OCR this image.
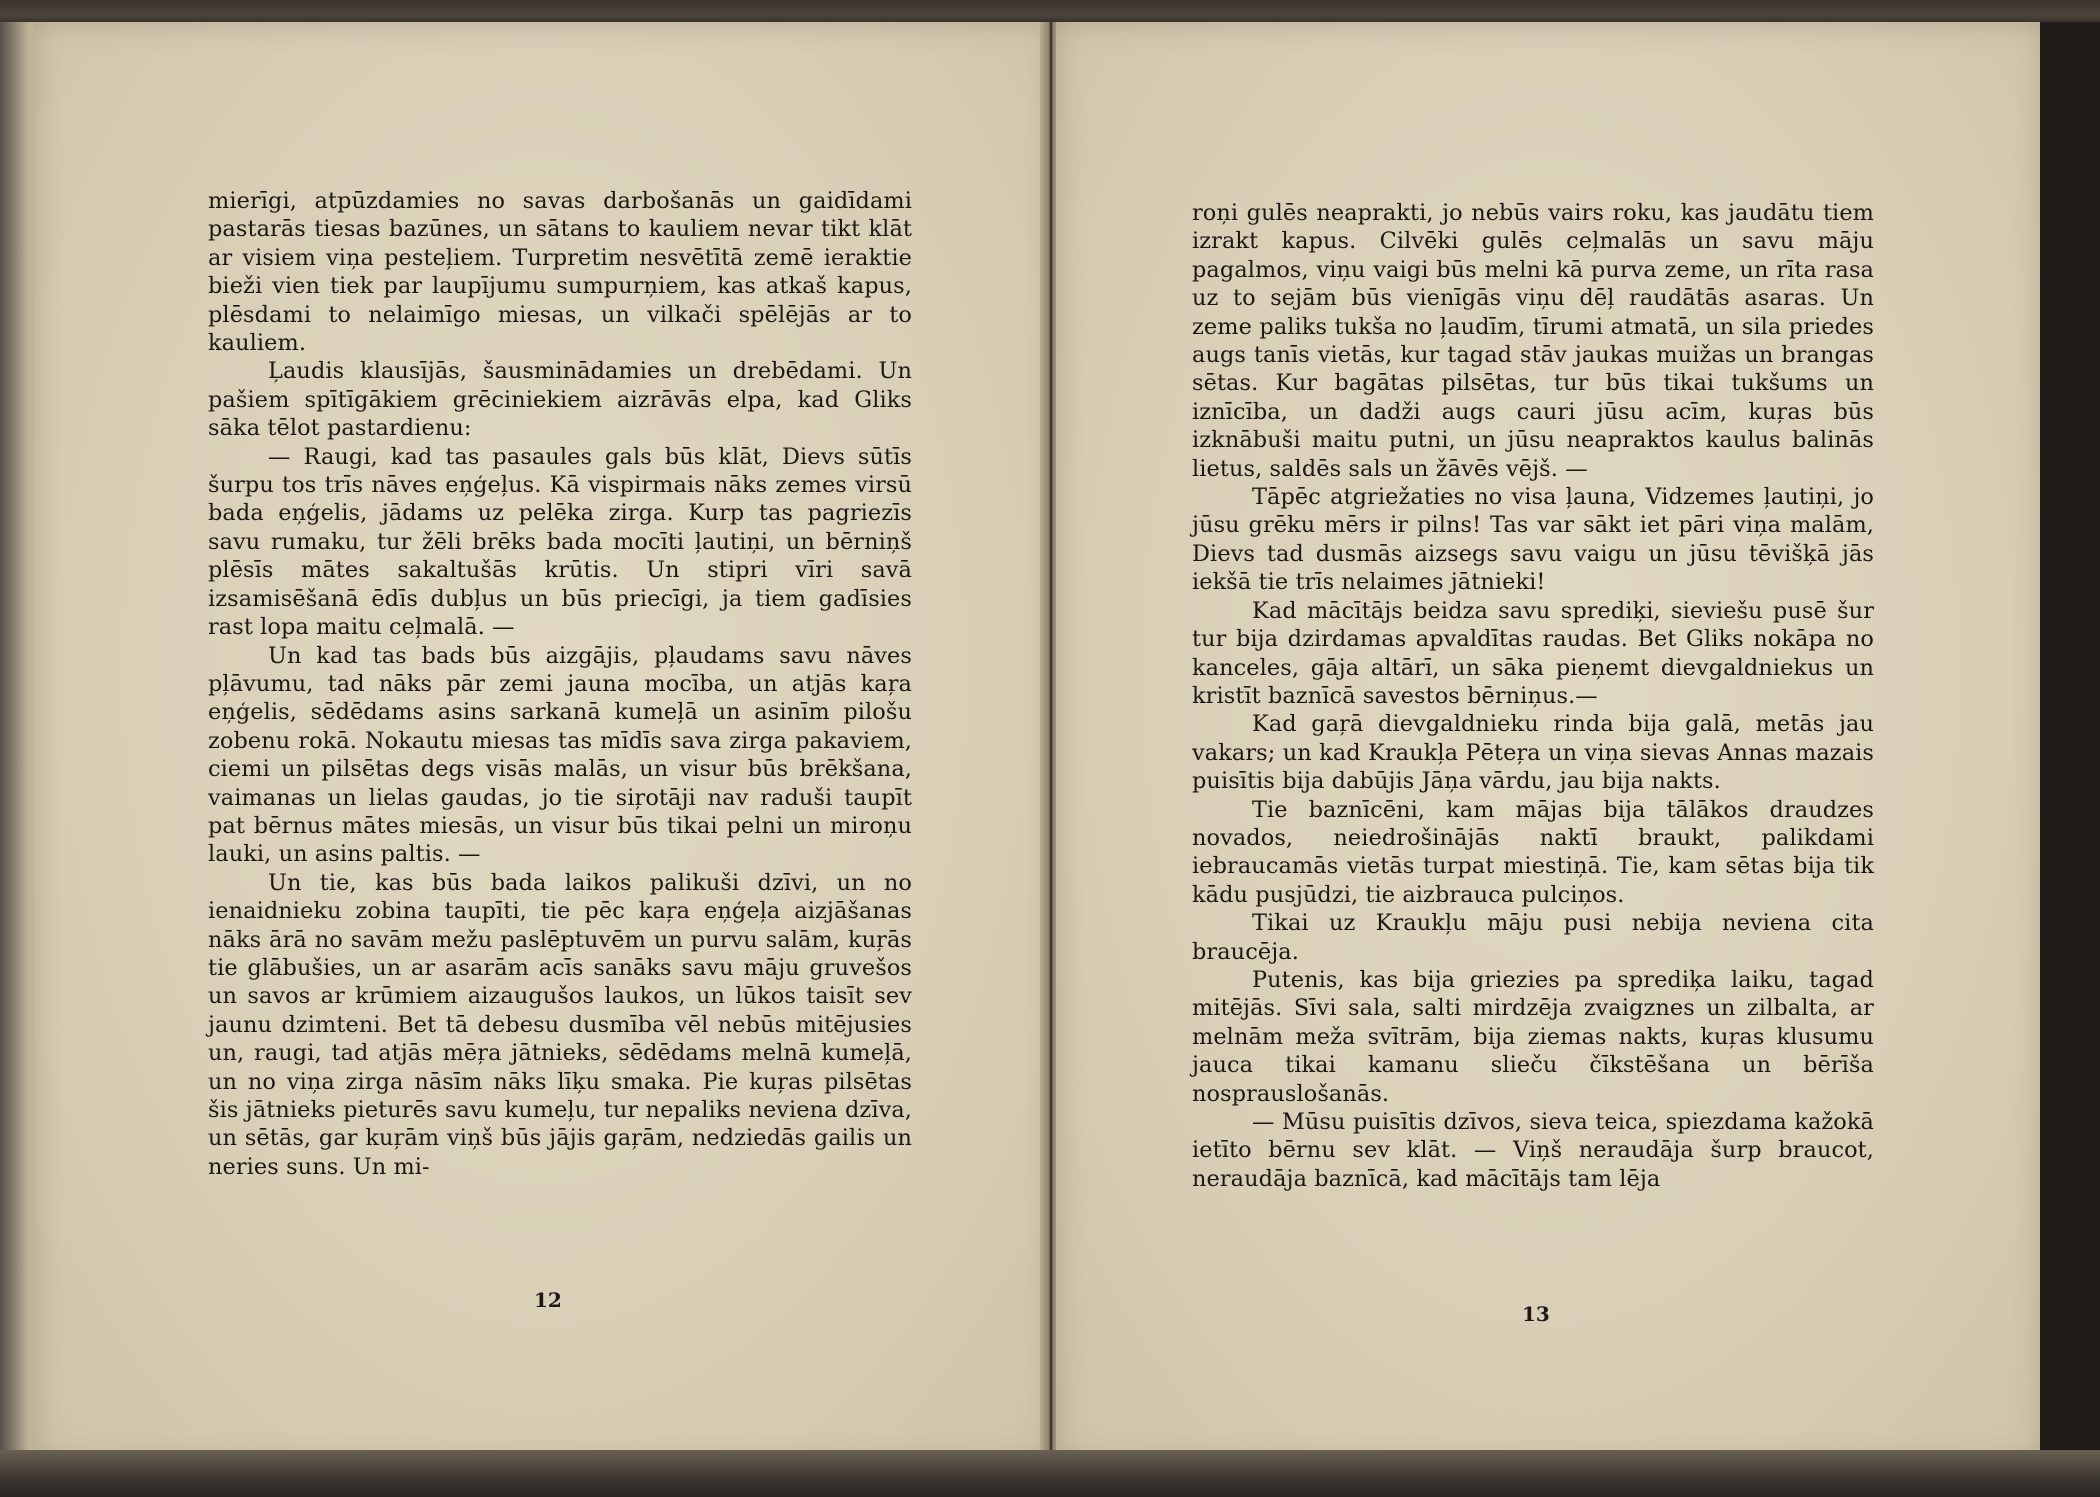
mierīgi, atpūzdamies no savas darbošanās un gaidīdami pastarās tiesas bazūnes, un sātans to kauliem nevar tikt klāt ar visiem viņa pesteļiem. Turpretim nesvētītā zemē ieraktie bieži vien tiek par laupījumu sumpurņiem, kas atkaš kapus, plēsdami to nelaimīgo miesas, un vilkači spēlējās ar to kauliem.

Ļaudis klausījās, šausminādamies un drebēdami. Un pašiem spītīgākiem grēciniekiem aizrāvās elpa, kad Gliks sāka tēlot pastardienu:

— Raugi, kad tas pasaules gals būs klāt, Dievs sūtīs šurpu tos trīs nāves eņģeļus. Kā vispirmais nāks zemes virsū bada eņģelis, jādams uz pelēka zirga. Kurp tas pagriezīs savu rumaku, tur žēli brēks bada mocīti ļautiņi, un bērniņš plēsīs mātes sakaltušās krūtis. Un stipri vīri savā izsamisēšanā ēdīs dubļus un būs priecīgi, ja tiem gadīsies rast lopa maitu ceļmalā. —

Un kad tas bads būs aizgājis, pļaudams savu nāves pļāvumu, tad nāks pār zemi jauna mocība, un atjās kaŗa eņģelis, sēdēdams asins sarkanā kumeļā un asinīm pilošu zobenu rokā. Nokautu miesas tas mīdīs sava zirga pakaviem, ciemi un pilsētas degs visās malās, un visur būs brēkšana, vaimanas un lielas gaudas, jo tie siŗotāji nav raduši taupīt pat bērnus mātes miesās, un visur būs tikai pelni un miroņu lauki, un asins paltis. —

Un tie, kas būs bada laikos palikuši dzīvi, un no ienaidnieku zobina taupīti, tie pēc kaŗa eņģeļa aizjāšanas nāks ārā no savām mežu paslēptuvēm un purvu salām, kuŗās tie glābušies, un ar asarām acīs sanāks savu māju gruvešos un savos ar krūmiem aizaugušos laukos, un lūkos taisīt sev jaunu dzimteni. Bet tā debesu dusmība vēl nebūs mitējusies un, raugi, tad atjās mēŗa jātnieks, sēdēdams melnā kumeļā, un no viņa zirga nāsīm nāks līķu smaka. Pie kuŗas pilsētas šis jātnieks pieturēs savu kumeļu, tur nepaliks neviena dzīva, un sētās, gar kuŗām viņš būs jājis gaŗām, nedziedās gailis un neries suns. Un mi-

12

roņi gulēs neaprakti, jo nebūs vairs roku, kas jaudātu tiem izrakt kapus. Cilvēki gulēs ceļmalās un savu māju pagalmos, viņu vaigi būs melni kā purva zeme, un rīta rasa uz to sejām būs vienīgās viņu dēļ raudātās asaras. Un zeme paliks tukša no ļaudīm, tīrumi atmatā, un sila priedes augs tanīs vietās, kur tagad stāv jaukas muižas un brangas sētas. Kur bagātas pilsētas, tur būs tikai tukšums un iznīcība, un dadži augs cauri jūsu acīm, kuŗas būs izknābuši maitu putni, un jūsu neapraktos kaulus balinās lietus, saldēs sals un žāvēs vējš. —

Tāpēc atgriežaties no visa ļauna, Vidzemes ļautiņi, jo jūsu grēku mērs ir pilns! Tas var sākt iet pāri viņa malām, Dievs tad dusmās aizsegs savu vaigu un jūsu tēvišķā jās iekšā tie trīs nelaimes jātnieki!

Kad mācītājs beidza savu sprediķi, sieviešu pusē šur tur bija dzirdamas apvaldītas raudas. Bet Gliks nokāpa no kanceles, gāja altārī, un sāka pieņemt dievgaldniekus un kristīt baznīcā savestos bērniņus.—

Kad gaŗā dievgaldnieku rinda bija galā, metās jau vakars; un kad Kraukļa Pēteŗa un viņa sievas Annas mazais puisītis bija dabūjis Jāņa vārdu, jau bija nakts.

Tie baznīcēni, kam mājas bija tālākos draudzes novados, neiedrošinājās naktī braukt, palikdami iebraucamās vietās turpat miestiņā. Tie, kam sētas bija tik kādu pusjūdzi, tie aizbrauca pulciņos.

Tikai uz Kraukļu māju pusi nebija neviena cita braucēja.

Putenis, kas bija griezies pa sprediķa laiku, tagad mitējās. Sīvi sala, salti mirdzēja zvaigznes un zilbalta, ar melnām meža svītrām, bija ziemas nakts, kuŗas klusumu jauca tikai kamanu slieču čīkstēšana un bērīša nosprauslošanās.

— Mūsu puisītis dzīvos, sieva teica, spiezdama kažokā ietīto bērnu sev klāt. — Viņš neraudāja šurp braucot, neraudāja baznīcā, kad mācītājs tam lēja

13
